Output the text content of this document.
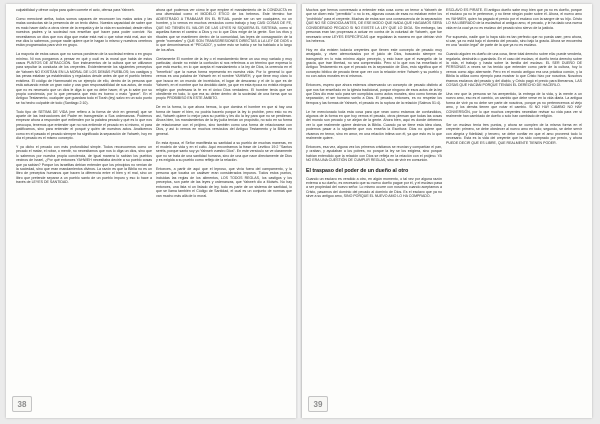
culpabilidad y ofrece culpa para quien comete el acto, ofensa para Yahweh.

Como mencioné arriba, todos somos capaces de reconocer los malos actos y las malas conductas sin la presencia de un texto divino. Nuestra capacidad de saber que es malo hacer daño a otros viene de la empatía y de la vida en sociedad; desde niños nuestros padres y la sociedad nos enseñan qué hacer para poder convivir. No necesitamos un dios que nos diga que matar está mal o que robar está mal, aun sin ese dios lo sabemos, porque nadie quiere que le hagan lo mismo y nuestros cerebros están programados para vivir en grupo.

La mayoría de estos casos que no somos ponderan de la sociedad entera o en grupo mínimo. Ni nos pongamos a pensar en qué y cuál es la moral que habla de estos casos PUNTOS DE ATRACCIÓN. Son instrumentos de la cultura que se utilizaron para sepultar la conducta de los creyentes. Evidentemente los siguientes preceptos de Yahweh NO EXISTÍAN EN LA MORAL DE LOS DEMÁS PUEBLOS; los castigos y las penas estaban ya establecidos y regulados desde antes de que el pueblo hebreo existiera. El código de Hammurabi es un ejemplo de ello, dentro de la persona que está actuando existe un gran valor y una gran responsabilidad de sus actos, de modo que no es necesario que un dios le diga lo que no debe hacer, él ya lo sabe por su propia conciencia, por lo que pensaría que esto es bueno o malo "grave". En el Antiguo Testamento, cualquier que guardara todo el Torah (ley) salvo en un solo punto se ha hecho culpable de todo (Santiago 2:10).

Todo tipo de SETIMA DE VIDA (me refiero a la forma de vivir en general) que se aparte de las instrucciones del Padre en transgresión a Sus ordenanzas. Podemos empezar ahora a responder qué entienden por la palabra pecado y qué es lo que nos preocupa, tenemos que entender que no nos entiende el pecado en sí mismo, ni para justificarnos, sino para entender el porqué y quién de nuestros actos. Analicemos como en el pasado el pecado siempre ha significado la separación de Yahweh, hoy en día el pecado es el mismo concepto.

Y ya dicho el pecado con más profundidad simple. Todos reconocemos como un pecado el matar, el robar, o mentir, no necesitamos que nos lo diga un dios, sino que lo sabemos por nuestra propia conciencia, de igual manera lo sabían los pueblos vecinos de Israel, ¿Por qué entonces YAHWEH necesitaba decirle a su pueblo cosas que ya sabían? Porque los israelitas debían entender que los principios no venían de la sociedad, sino que eran mandamientos divinos. La razón es que la Biblia no es un libro de preceptos humanos que hacen la diferencia entre el bien y el mal, sino un libro que pretende separar a un pueblo santo de un pueblo impuro y eso lo hace a través de LEYES DE SANTIDAD.

ahora qué podemos ver cómo le que emplee el mandamiento de la CONDUCTA en una diversidad como el MODELO ÉTICO de los hebreos. Este término fue ADIESTRADO A TRABAJAR EN EL RITUAL puede ser un ser cualquiera, no un hombre, y lo vemos en muchos versículos como trabajo y hay CASI COSAS DE FE, QUE NO TIENEN EL VALOR DE LAS LEYES NI SIQUIERA EL SISTEMA, como si aquellas fueran el camino a Dios y no lo que Dios exige de la gente. Son los ritos y rituales que se mantienen dentro de la comunidad, las leyes de consagración de la gente "normales" y QUE SON TRANSGRESIONES DIRECTAS A LA LEY DE DIOS o lo que denominamos el "PECADO", y sobre esto se habla y se ha hablado a lo largo de los años.

Ciertamente El nombre de la ley o el mandamiento tiene un uso muy variado y muy particular, donde no existe la confusión si nos referimos a un término que expresa lo que está escrito, en lo que acepta el mandamiento o la ley de Dios, la creencia en el "beneficio" que la nueva forma representa en nuestra vida. Por lo general lo que vemos es una palabra de Yahweh en el nombre YAHWEH, y que tiene muy claro lo que busca en un mundo de incrédulos, el lugar de descanso y el de lo que es de Yahweh, en el nombre que ha decidido darle, ya que en esta época no existía ninguna religión que profesara la fe en el único Dios verdadero. El hombre tenía que ser obediente en todo, lo que era su deber dentro de la sociedad de una forma que su propio PROBIBISO EN ESTE ÁMBITO.

De en la forma, lo que ahora hemos, lo que domina el hombre en que si hay una forma de hacer el bien, no podría hacerlo porque la ley lo prohíbe, pero esto no es así, Yahweh quiere lo mejor para su pueblo y les dio la ley para que no se perdieran. Ahora bien, los mandamientos de la ley judía tenían un propósito, no solo en su forma de relacionarse con el prójimo, sino también como una forma de relacionarse con Dios, y así lo vemos en muchos versículos del Antiguo Testamento y la Biblia en general.

En esta época, el Señor manifiesta su santidad a su pueblo de muchas maneras, en el modelo de vida y en el culto. Aquí encontramos la frase de Levítico 19:2 "Santos seréis, porque santo soy yo Yahweh vuestro Dios". En este versículo se ve claramente que no se trata de una santidad humana, sino de una que nace directamente de Dios y es exigida a su pueblo como reflejo de la relación.

Entonces, a partir de aquí que el leproso, que vivía fuera del campamento, y la persona que tocaba un cadáver eran considerados impuros. Todos estos puntos, incluidas las reglas de los alimentos, LOS TODOS REGLAS, los castigos y los preceptos, son parte de las leyes y ordenanzas, que Yahweh dio a Moisés. No hay entonces, una lista ni un listado de ley, todo es parte de un sistema de santidad, lo que se llama también el Código de Santidad, el cual es un conjunto de normas que van mucho más allá de lo moral.

38

Muchos que hemos conversado a entender esta cosa como un temor a Yahweh de que se dicen esto "permitido" o no lo es, algunas cosas de esas no estaban entre los "prohibido" para el creyente. Muchas de estas son una consecuencia de la separación QUE NO SE CONOCÍA ANTES, DE ESE MODO QUE NADA QUE HAGAMOS SERÁ CONSIDERADO PECADO SI NO EXISTE LA LEY QUE LO DIGA. Sin embargo, las personas eran tan propensas a actuar en contra de la voluntad de Yahweh, que fue necesario crear LEYES ESPECÍFICAS que regulaban la manera en que debían vivir los hebreos.

Hoy en día existen todavía creyentes que tienen este concepto de pecado muy arraigado, y viven atemorizados por el juicio de Dios, buscando siempre no transgredir en lo más mínimo algún precepto, y esto hace que el evangelio de la gracia, que trae libertad, no sea comprendido. Pero si lo que nos ha enseñado el Antiguo Testamento es que el pecado es la separación de Dios, esto significa que el concepto bíblico de pecado tiene que ver con la relación entre Yahweh y su pueblo y no con actos morales en sí mismos.

Entonces, espero que ahora estemos observando un concepto de pecado distinto al que nos fue enseñado en la iglesia tradicional, porque ninguno de esos actos de la ley que Dios dio eran solo para ser cumplidos como actos morales, sino como formas de separación, el ser humano vuelto a Dios. El pecado, entonces, es no respetar los tiempos y las formas de Yahweh, el pecado es la ruptura de la relación (Salmos 51:4).

Le he mencionado toda esta cosa para que vean como estamos de confundidos, algunos de la forma en que hoy vemos el pecado, otros piensan que todas las cosas del mundo son pecado y se alejan de la gente. Ahora bien, aquí es donde debemos ver lo que realmente quiere decirnos la Biblia. Cuando ya se tiene esta idea clara, podemos pasar a lo siguiente que nos enseña la Escritura: Dios no quiere que vivamos en temor, sino en amor, en una relación íntima con él, ya que esto es lo que realmente quiere.

Entonces, esa vez, alguna vez los primeros cristianos se reunían y compartían el pan, y oraban, y ayudaban a los pobres, no porque la ley se los exigiera, sino porque habían entendido que la relación con Dios se refleja en la relación con el prójimo. YA NO ERA UNA CUESTIÓN DE CUMPLIR REGLAS, sino de vivir en comunión.

El traspaso del poder de un dueño al otro

Cuando un esclavo es vendido a otro, en algún momento, o tal vez por alguna razón externa a su dueño, es necesario que su nuevo dueño pague por él, y el esclavo pasa a ser propiedad del nuevo señor. Lo mismo ocurre con nosotros cuando aceptamos a Cristo, pasamos del dominio del pecado al dominio de Dios. Es el esclavo que ya no sirve a su antiguo amo, SINO PORQUE EL NUEVO AMO LO HA COMPRADO.

ESCLAVO ES PIRATE. El antiguo dueño sabe muy bien que ya no es dueño, porque el esclavo ya no le pertenece, y no tiene ningún poder sobre él. Ahora, el nuevo amo es YAHWEH, quien ha pagado el precio por el esclavo con la sangre de su hijo. Cristo LO HA LIBERADO de la esclavitud al antiguo amo, el pecado, y le ha dado una nueva vida en la cual ya no es esclavo del pecado sino siervo de la justicia.

Por supuesto, nadie que lo haya sido es tan perfecto que no pueda caer, pero ahora, si cae, ya no está bajo el dominio del pecado, sino bajo la gracia. Ahora se encuentra en una "acción legal" de parte de la que ya no es esclavo.

Cuando alguien es dueño de una cosa, tiene total derecho sobre ella: puede venderla, regalarla, destruirla o guardarla. En el caso del esclavo, el dueño tenía derecho sobre la vida, el trabajo y hasta sobre la familia del esclavo. EL SER DUEÑO DE PERSONAS a veces se ha tenido que entender como parte de la cultura, hoy lo vemos como algo aberrante. Pero en el mundo antiguo era una práctica común, y la Biblia la utiliza como ejemplo para mostrar lo que Cristo hizo por nosotros. Nosotros éramos esclavos del pecado y del diablo, y Cristo pagó el precio para liberarnos, LAS COSAS QUE HACÍAN PORQUE TENÍAN EL DERECHO DE HACERLO.

Una vez que la persona se ha arrepentido, la entrega de la vida, y la mente a un nuevo amo, eso es el cambio, un cambio que debe verse en la vida diaria. La antigua forma de vivir ya no debe ser parte de nosotros, porque ya no pertenecemos al viejo amo, y los demás tienen que notar el cambio. SI NO HAY CAMBIO NO HAY CONVERSIÓN, por lo que muchos creyentes necesitan revisar su vida para ver si realmente han cambiado de dueño o solo han cambiado de religión.

Ser un esclavo tenía tres puntos, y ahora se cumplen de la misma forma en el creyente: primero, se debe obedecer al nuevo amo en todo; segundo, se debe servir con alegría y fidelidad; y tercero, se debe confiar en que el amo proveerá todo lo necesario. Esta es la vida del creyente que ha sido comprado por precio, y ahora PUEDE DECIR QUE ES LIBRE, QUE REALMENTE TIENEN PODER.

39
